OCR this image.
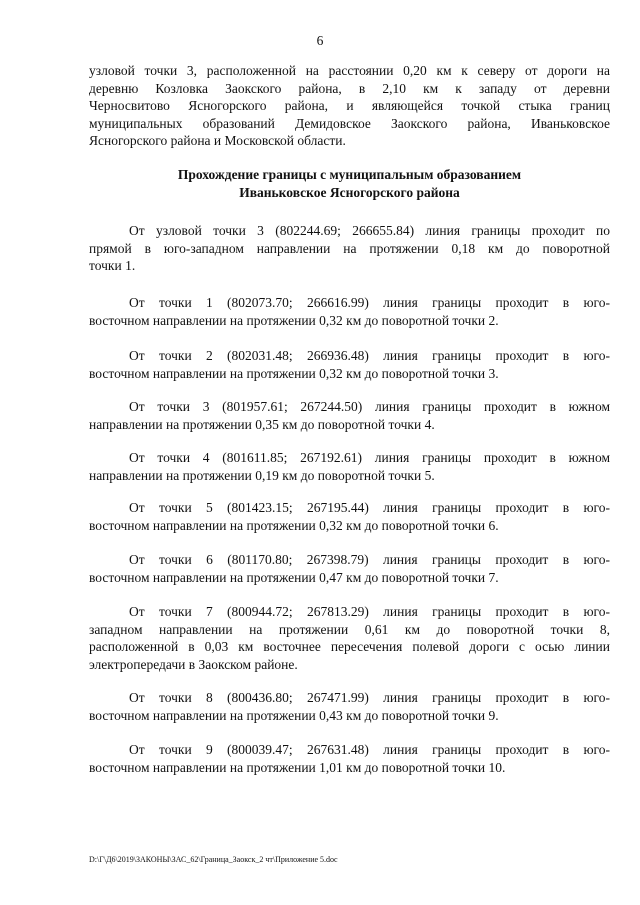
6
узловой точки 3, расположенной на расстоянии 0,20 км к северу от дороги на
деревню Козловка Заокского района, в 2,10 км к западу от деревни
Черносвитово Ясногорского района, и являющейся точкой стыка границ
муниципальных образований Демидовское Заокского района, Иваньковское
Ясногорского района и Московской области.
Прохождение границы с муниципальным образованием
Иваньковское Ясногорского района
От узловой точки 3 (802244.69; 266655.84) линия границы проходит по
прямой в юго-западном направлении на протяжении 0,18 км до поворотной
точки 1.
От точки 1 (802073.70; 266616.99) линия границы проходит в юго-
восточном направлении на протяжении 0,32 км до поворотной точки 2.
От точки 2 (802031.48; 266936.48) линия границы проходит в юго-
восточном направлении на протяжении 0,32 км до поворотной точки 3.
От точки 3 (801957.61; 267244.50) линия границы проходит в южном
направлении на протяжении 0,35 км до поворотной точки 4.
От точки 4 (801611.85; 267192.61) линия границы проходит в южном
направлении на протяжении 0,19 км до поворотной точки 5.
От точки 5 (801423.15; 267195.44) линия границы проходит в юго-
восточном направлении на протяжении 0,32 км до поворотной точки 6.
От точки 6 (801170.80; 267398.79) линия границы проходит в юго-
восточном направлении на протяжении 0,47 км до поворотной точки 7.
От точки 7 (800944.72; 267813.29) линия границы проходит в юго-
западном направлении на протяжении 0,61 км до поворотной точки 8,
расположенной в 0,03 км восточнее пересечения полевой дороги с осью линии
электропередачи в Заокском районе.
От точки 8 (800436.80; 267471.99) линия границы проходит в юго-
восточном направлении на протяжении 0,43 км до поворотной точки 9.
От точки 9 (800039.47; 267631.48) линия границы проходит в юго-
восточном направлении на протяжении 1,01 км до поворотной точки 10.
D:\Г\Д6\2019\ЗАКОНЫ\ЗАС_62\Граница_Заокск_2 чт\Приложение 5.doc
